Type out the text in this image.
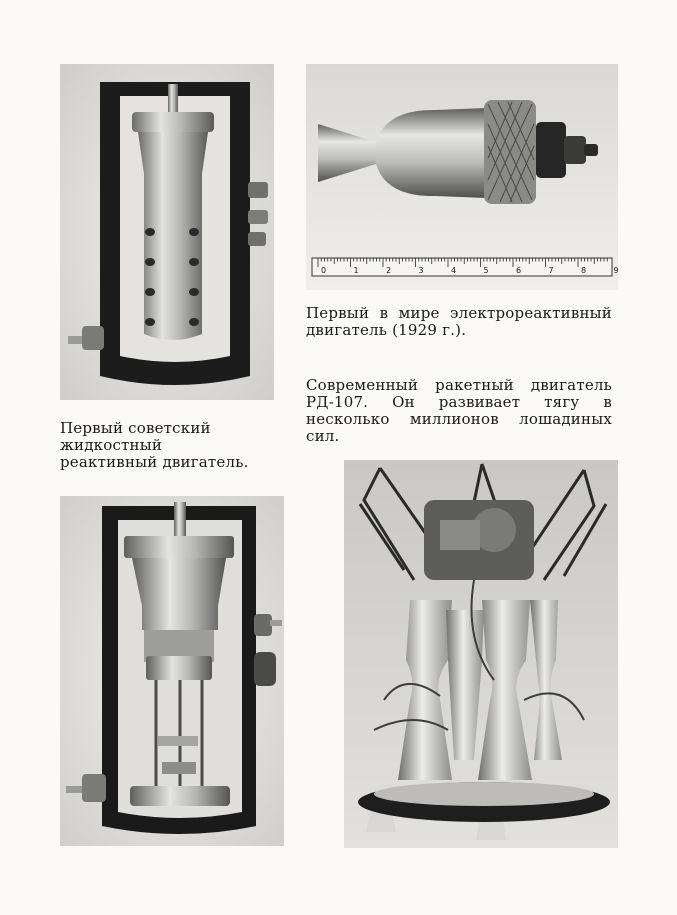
0	1	2	3	4	5	6	7	8	9
Первый в мире электрореактивный двигатель (1929 г.).
Современный ракетный двигатель РД-107. Он развивает тягу в несколько миллионов лошадиных сил.
Первый советский
жидкостный
реактивный двигатель.
